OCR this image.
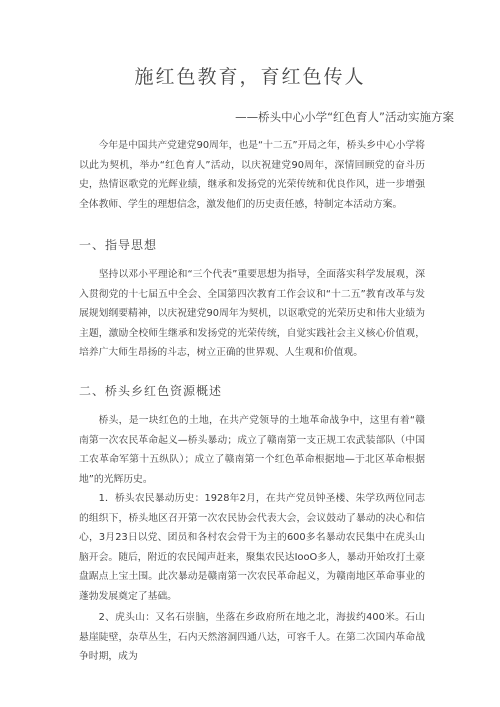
施红色教育，育红色传人

——桥头中心小学“红色育人”活动实施方案

今年是中国共产党建党90周年，也是“十二五”开局之年，桥头乡中心小学将以此为契机，举办“红色育人”活动，以庆祝建党90周年，深情回顾党的奋斗历史，热情讴歌党的光辉业绩，继承和发扬党的光荣传统和优良作风，进一步增强全体教师、学生的理想信念，激发他们的历史责任感，特制定本活动方案。

一、指导思想

坚持以邓小平理论和“三个代表”重要思想为指导，全面落实科学发展观，深入贯彻党的十七届五中全会、全国第四次教育工作会议和“十二五”教育改革与发展规划纲要精神，以庆祝建党90周年为契机，以讴歌党的光荣历史和伟大业绩为主题，激励全校师生继承和发扬党的光荣传统，自觉实践社会主义核心价值观，培养广大师生昂扬的斗志，树立正确的世界观、人生观和价值观。

二、桥头乡红色资源概述

桥头，是一块红色的土地，在共产党领导的土地革命战争中，这里有着“赣南第一次农民革命起义—桥头暴动；成立了赣南第一支正规工农武装部队（中国工农革命军第十五纵队）；成立了赣南第一个红色革命根据地—于北区革命根据地”的光辉历史。

1．桥头农民暴动历史：1928年2月，在共产党员钟圣楼、朱学玖两位同志的组织下，桥头地区召开第一次农民协会代表大会，会议鼓动了暴动的决心和信心，3月23日以党、团员和各村农会骨干为主的600多名暴动农民集中在虎头山脑开会。随后，附近的农民闻声赶来，聚集农民达IooO多人，暴动开始攻打土豪盘踞点上宝土围。此次暴动是赣南第一次农民革命起义，为赣南地区革命事业的蓬勃发展奠定了基础。

2、虎头山：又名石崇脑，坐落在乡政府所在地之北，海拔约400米。石山悬崖陡壁，杂草丛生，石内天然溶洞四通八达，可容千人。在第二次国内革命战争时期，成为
